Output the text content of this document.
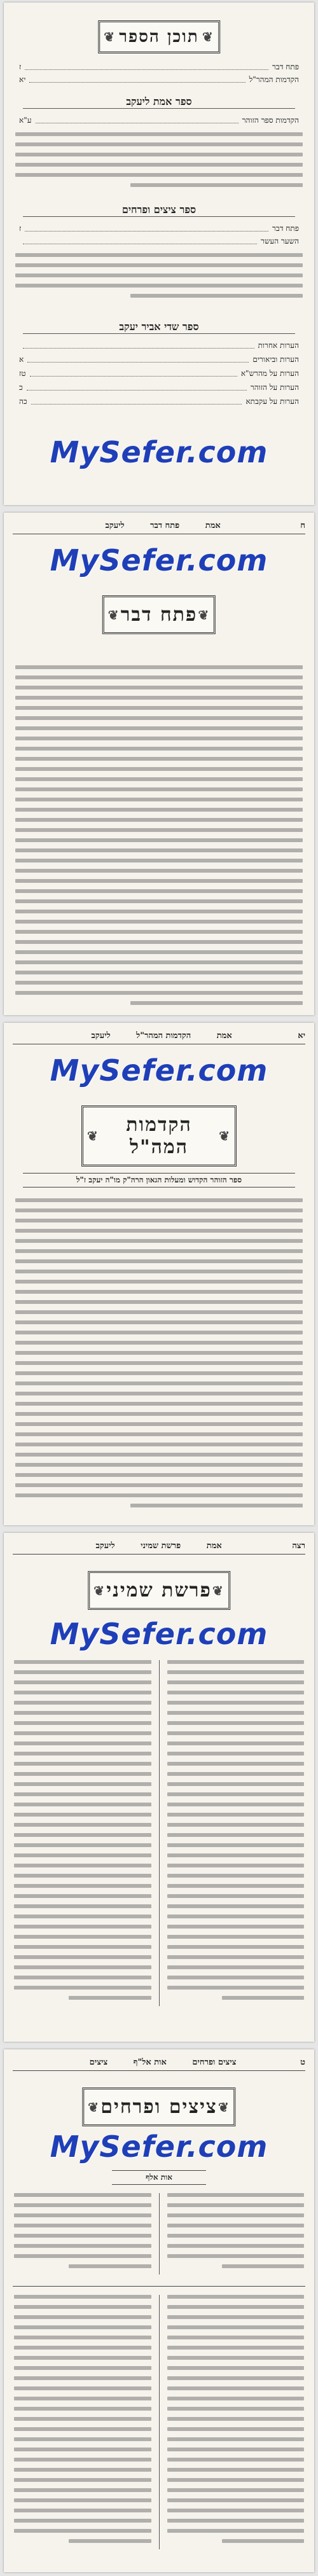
❦ תוכן הספר ❦
פתח דבר
ז
הקדמות המהר"ל
יא
ספר אמת ליעקב
הקדמות ספר הזוהר
ע"א
ספר ציצים ופרחים
פתח דבר
ז
השער העשר
ספר שדי אביר יעקב
הערות אחרות
הערות וביאורים
א
הערות על מהרש"א
טז
הערות על הזוהר
כ
הערות על עקבתא
כה
MySefer.com
ח
אמת פתח דבר ליעקב
MySefer.com
❦ פתח דבר ❦
יא
אמת הקדמות המהר"ל ליעקב
MySefer.com
❦ הקדמות המה"ל ❦
ספר הזוהר הקדוש ומעלות הגאון הרה"ק מו"ה יעקב ז"ל
רצה
אמת פרשת שמיני ליעקב
❦ פרשת שמיני ❦
MySefer.com
ט
ציצים ופרחים אות אל"ף ציצים
❦ ציצים ופרחים ❦
MySefer.com
אות אלף
